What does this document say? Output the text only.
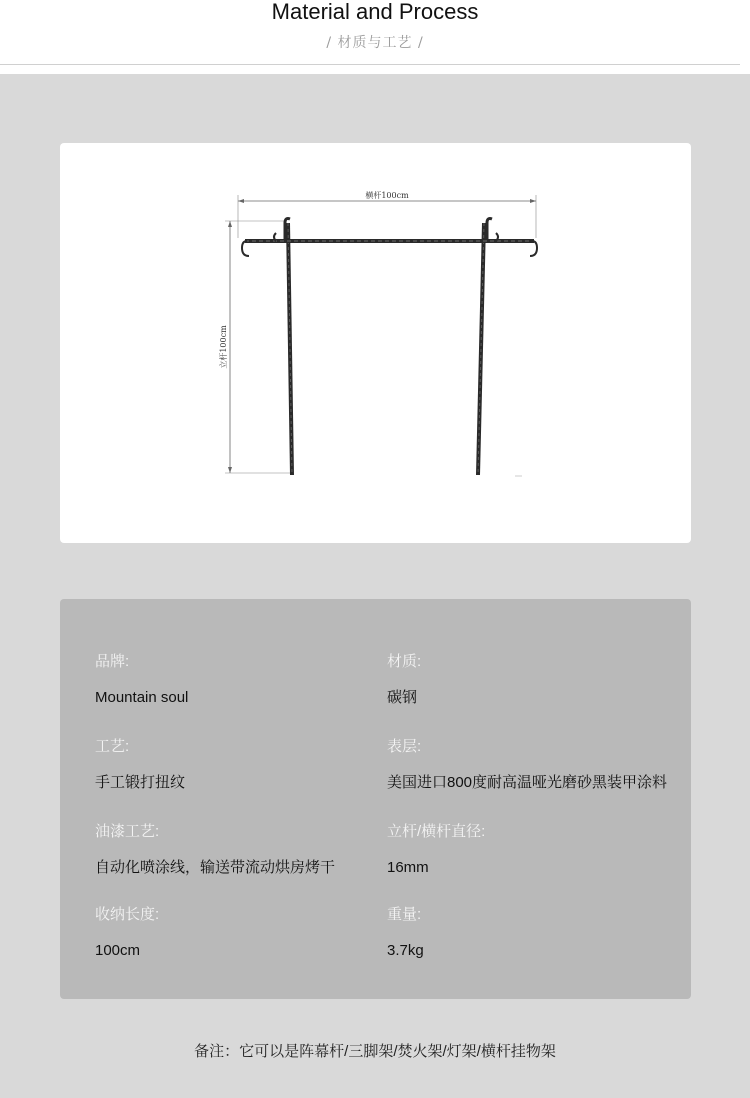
Material and Process
/ 材质与工艺 /
横杆100cm
立杆100cm
品牌:
Mountain soul
材质:
碳钢
工艺:
手工锻打扭纹
表层:
美国进口800度耐高温哑光磨砂黑装甲涂料
油漆工艺:
自动化喷涂线，输送带流动烘房烤干
立杆/横杆直径:
16mm
收纳长度:
100cm
重量:
3.7kg
备注：它可以是阵幕杆/三脚架/焚火架/灯架/横杆挂物架
